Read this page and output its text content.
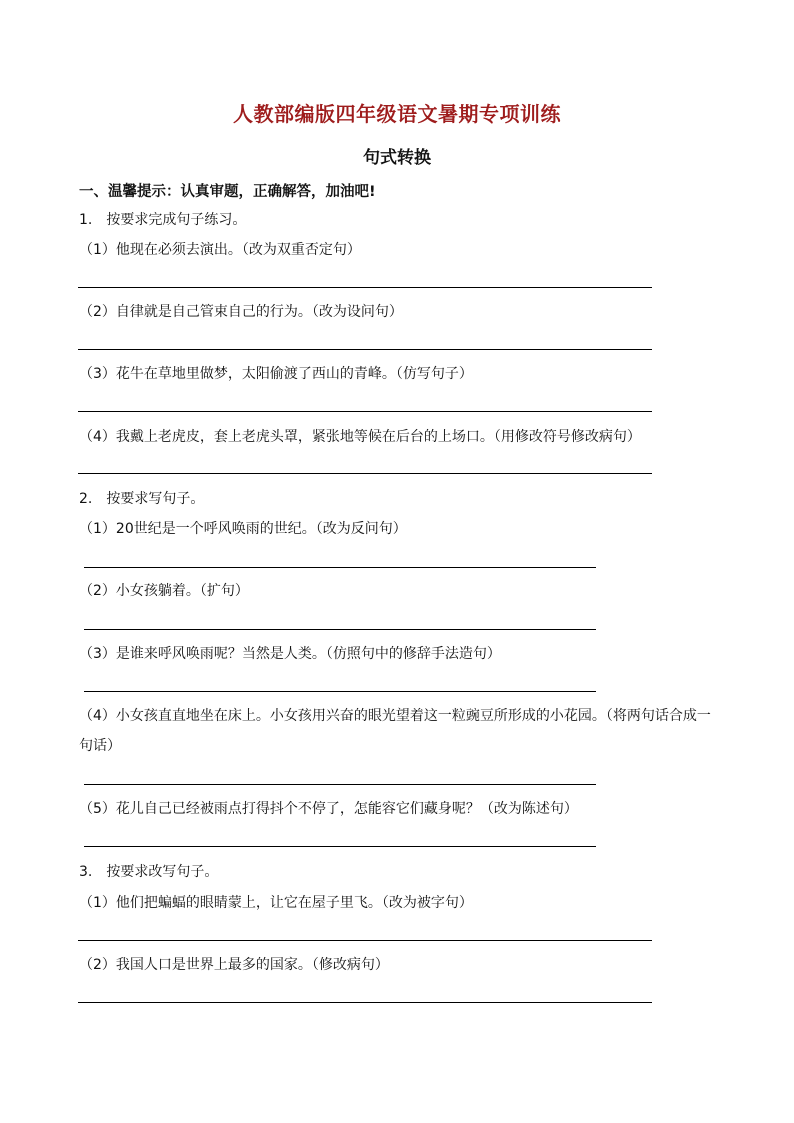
人教部编版四年级语文暑期专项训练
句式转换
一、温馨提示：认真审题，正确解答，加油吧!
1.　按要求完成句子练习。
（1）他现在必须去演出。（改为双重否定句）
（2）自律就是自己管束自己的行为。（改为设问句）
（3）花牛在草地里做梦，太阳偷渡了西山的青峰。（仿写句子）
（4）我戴上老虎皮，套上老虎头罩，紧张地等候在后台的上场口。（用修改符号修改病句）
2.　按要求写句子。
（1）20世纪是一个呼风唤雨的世纪。（改为反问句）
（2）小女孩躺着。（扩句）
（3）是谁来呼风唤雨呢？当然是人类。（仿照句中的修辞手法造句）
（4）小女孩直直地坐在床上。小女孩用兴奋的眼光望着这一粒豌豆所形成的小花园。（将两句话合成一句话）
（5）花儿自己已经被雨点打得抖个不停了，怎能容它们藏身呢？（改为陈述句）
3.　按要求改写句子。
（1）他们把蝙蝠的眼睛蒙上，让它在屋子里飞。（改为被字句）
（2）我国人口是世界上最多的国家。（修改病句）
